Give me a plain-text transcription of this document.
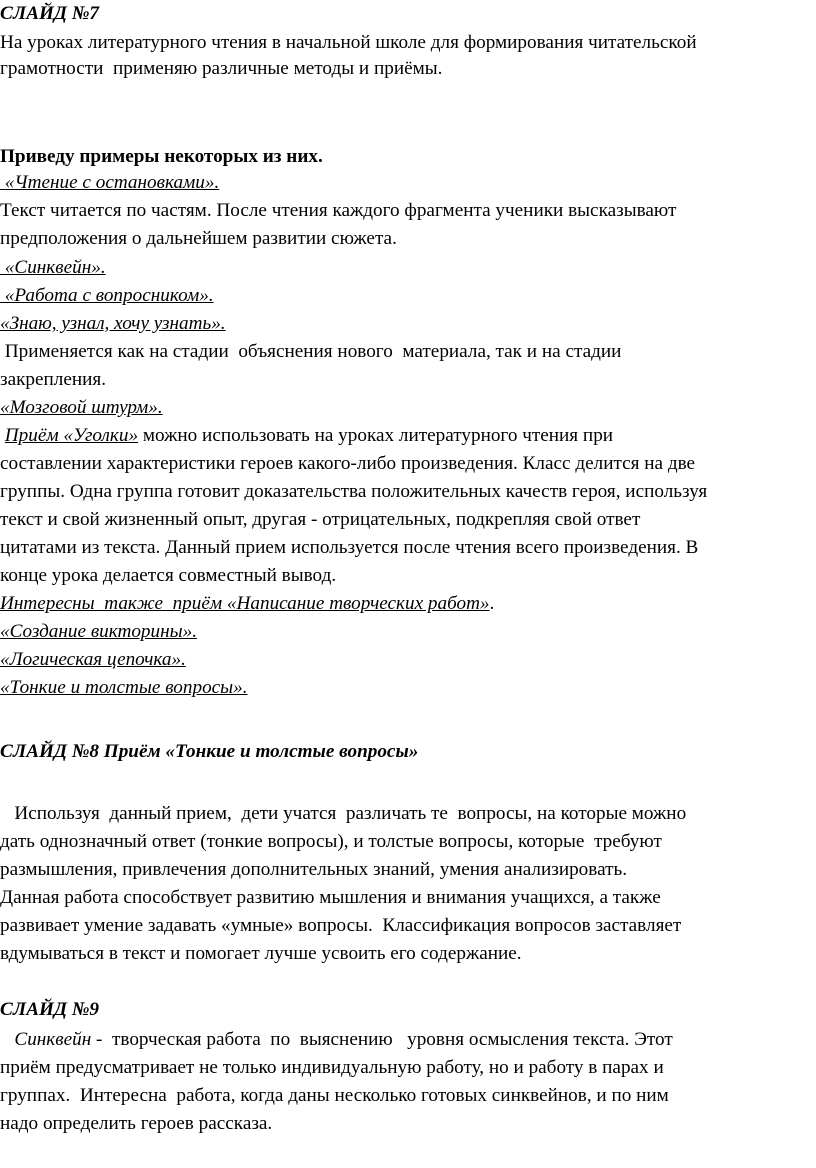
СЛАЙД №7
На уроках литературного чтения в начальной школе для формирования читательской
грамотности  применяю различные методы и приёмы.
Приведу примеры некоторых из них.
«Чтение с остановками».
Текст читается по частям. После чтения каждого фрагмента ученики высказывают
предположения о дальнейшем развитии сюжета.
«Синквейн».
«Работа с вопросником».
«Знаю, узнал, хочу узнать».
Применяется как на стадии  объяснения нового  материала, так и на стадии
закрепления.
«Мозговой штурм».
Приём «Уголки» можно использовать на уроках литературного чтения при
составлении характеристики героев какого-либо произведения. Класс делится на две
группы. Одна группа готовит доказательства положительных качеств героя, используя
текст и свой жизненный опыт, другая - отрицательных, подкрепляя свой ответ
цитатами из текста. Данный прием используется после чтения всего произведения. В
конце урока делается совместный вывод.
Интересны  также  приём «Написание творческих работ».
«Создание викторины».
«Логическая цепочка».
«Тонкие и толстые вопросы».
СЛАЙД №8 Приём «Тонкие и толстые вопросы»
Используя  данный прием,  дети учатся  различать те  вопросы, на которые можно
дать однозначный ответ (тонкие вопросы), и толстые вопросы, которые  требуют
размышления, привлечения дополнительных знаний, умения анализировать.
Данная работа способствует развитию мышления и внимания учащихся, а также
развивает умение задавать «умные» вопросы.  Классификация вопросов заставляет
вдумываться в текст и помогает лучше усвоить его содержание.
СЛАЙД №9
Синквейн -  творческая работа  по  выяснению   уровня осмысления текста. Этот
приём предусматривает не только индивидуальную работу, но и работу в парах и
группах.  Интересна  работа, когда даны несколько готовых синквейнов, и по ним
надо определить героев рассказа.
